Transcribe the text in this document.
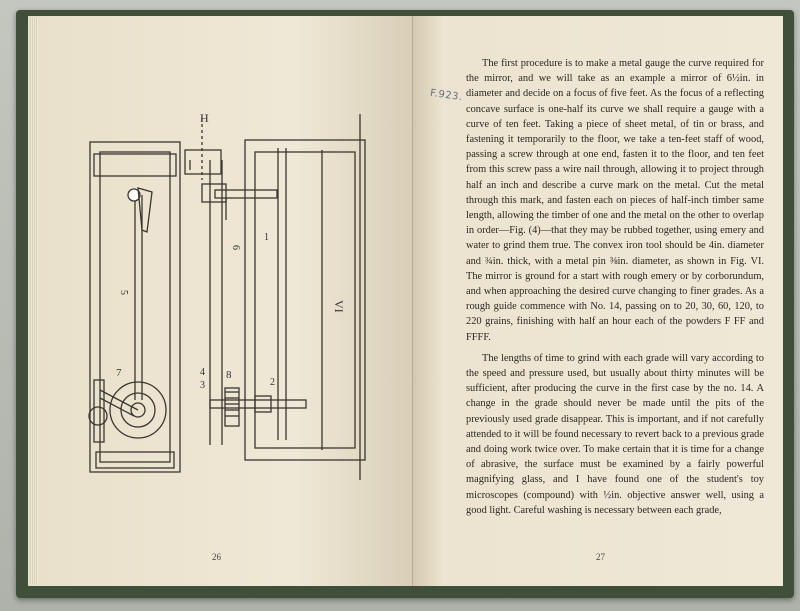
H
VI
7	8
6
5
4
3	2
1
26	27
F.923.

The first procedure is to make a metal gauge the curve required for the mirror, and we will take as an example a mirror of 6½in. in diameter and decide on a focus of five feet. As the focus of a reflecting concave surface is one-half its curve we shall require a gauge with a curve of ten feet. Taking a piece of sheet metal, of tin or brass, and fastening it temporarily to the floor, we take a ten-feet staff of wood, passing a screw through at one end, fasten it to the floor, and ten feet from this screw pass a wire nail through, allowing it to project through half an inch and describe a curve mark on the metal. Cut the metal through this mark, and fasten each on pieces of half-inch timber same length, allowing the timber of one and the metal on the other to overlap in order—Fig. (4)—that they may be rubbed together, using emery and water to grind them true. The convex iron tool should be 4in. diameter and ¾in. thick, with a metal pin ⅜in. diameter, as shown in Fig. VI. The mirror is ground for a start with rough emery or by corborundum, and when approaching the desired curve changing to finer grades. As a rough guide commence with No. 14, passing on to 20, 30, 60, 120, to 220 grains, finishing with half an hour each of the powders F FF and FFFF.

The lengths of time to grind with each grade will vary according to the speed and pressure used, but usually about thirty minutes will be sufficient, after producing the curve in the first case by the no. 14. A change in the grade should never be made until the pits of the previously used grade disappear. This is important, and if not carefully attended to it will be found necessary to revert back to a previous grade and doing work twice over. To make certain that it is time for a change of abrasive, the surface must be examined by a fairly powerful magnifying glass, and I have found one of the student's toy microscopes (compound) with ½in. objective answer well, using a good light. Careful washing is necessary between each grade,
